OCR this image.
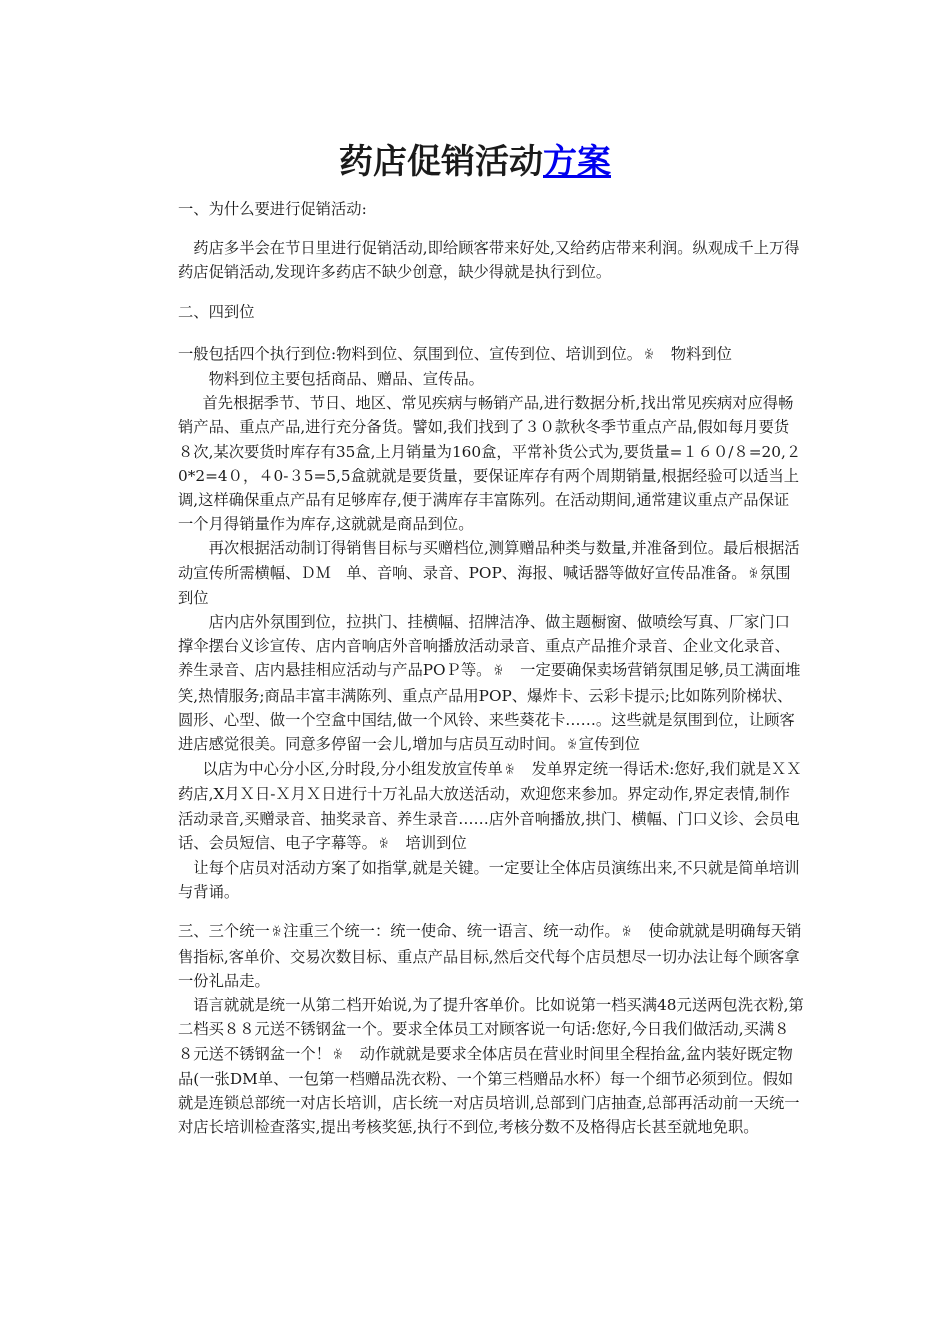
药店促销活动方案

一、为什么要进行促销活动:

药店多半会在节日里进行促销活动,即给顾客带来好处,又给药店带来利润。纵观成千上万得药店促销活动,发现许多药店不缺少创意，缺少得就是执行到位。

二、四到位

一般包括四个执行到位:物料到位、氛围到位、宣传到位、培训到位。 ꆗ  物料到位

物料到位主要包括商品、赠品、宣传品。

首先根据季节、节日、地区、常见疾病与畅销产品,进行数据分析,找出常见疾病对应得畅销产品、重点产品,进行充分备货。譬如,我们找到了３０款秋冬季节重点产品,假如每月要货８次,某次要货时库存有35盒,上月销量为160盒，平常补货公式为,要货量=１６０/８=20,２0*2=4０，４0-３5=5,5盒就就是要货量，要保证库存有两个周期销量,根据经验可以适当上调,这样确保重点产品有足够库存,便于满库存丰富陈列。在活动期间,通常建议重点产品保证一个月得销量作为库存,这就就是商品到位。

再次根据活动制订得销售目标与买赠档位,测算赠品种类与数量,并准备到位。最后根据活动宣传所需横幅、ＤＭ　单、音响、录音、POP、海报、喊话器等做好宣传品准备。 ꆗ 氛围到位

店内店外氛围到位，拉拱门、挂横幅、招牌洁净、做主题橱窗、做喷绘写真、厂家门口撑伞摆台义诊宣传、店内音响店外音响播放活动录音、重点产品推介录音、企业文化录音、养生录音、店内悬挂相应活动与产品POＰ等。 ꆗ  一定要确保卖场营销氛围足够,员工满面堆笑,热情服务;商品丰富丰满陈列、重点产品用POP、爆炸卡、云彩卡提示;比如陈列阶梯状、圆形、心型、做一个空盒中国结,做一个风铃、来些葵花卡……。这些就是氛围到位，让顾客进店感觉很美。同意多停留一会儿,增加与店员互动时间。 ꆗ 宣传到位

以店为中心分小区,分时段,分小组发放宣传单 ꆗ  发单界定统一得话术:您好,我们就是ＸＸ药店,X月Ｘ日-Ｘ月Ｘ日进行十万礼品大放送活动，欢迎您来参加。界定动作,界定表情,制作活动录音,买赠录音、抽奖录音、养生录音……店外音响播放,拱门、横幅、门口义诊、会员电话、会员短信、电子字幕等。 ꆗ  培训到位

让每个店员对活动方案了如指掌,就是关键。一定要让全体店员演练出来,不只就是简单培训与背诵。

三、三个统一 ꆗ 注重三个统一：统一使命、统一语言、统一动作。 ꆗ  使命就就是明确每天销售指标,客单价、交易次数目标、重点产品目标,然后交代每个店员想尽一切办法让每个顾客拿一份礼品走。

语言就就是统一从第二档开始说,为了提升客单价。比如说第一档买满48元送两包洗衣粉,第二档买８８元送不锈钢盆一个。要求全体员工对顾客说一句话:您好,今日我们做活动,买满８８元送不锈钢盆一个！ ꆗ  动作就就是要求全体店员在营业时间里全程抬盆,盆内装好既定物品(一张DM单、一包第一档赠品洗衣粉、一个第三档赠品水杯）每一个细节必须到位。假如就是连锁总部统一对店长培训，店长统一对店员培训,总部到门店抽查,总部再活动前一天统一对店长培训检查落实,提出考核奖惩,执行不到位,考核分数不及格得店长甚至就地免职。
